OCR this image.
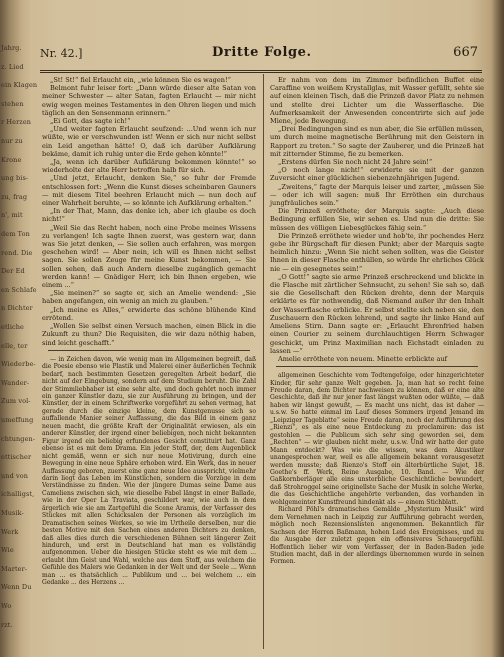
Jahrg.
z. Lied
ein Klagen
stehen
r Herzen
nur zu
Krone
ung bis-
zu, frag
n', mit
dem Ton
rend. Die
Der Ed
en Schlafe
n Dichter
etliche
elle, ter
Wiederbe-
Wander-
Zum vol-
umeffung
chtungen-
ettischer
und von
ichalligst,
Musik-
Werk
Wie
Marter-
Wenn Du
Wo
rzt.
Nr. 42.]	Dritte Folge.	667

„St! St!“ fiel Erlaucht ein, „wie können Sie es wagen!“

Belmont fuhr leiser fort: „Dann würde dieser alte Satan von meiner Schwester — alter Satan, fagten Erlaucht — mir nicht ewig wegen meines Testamentes in den Ohren liegen und mich täglich an den Sensenmann erinnern.“

„Ei Gott, das sagte ich!“

„Und weiter fagten Erlaucht seufzend: ...Und wenn ich nur wüßte, wie er verschwunden ist! Wenn er sich nur nicht selbst ein Leid angethan hätte! O, daß ich darüber Aufklärung bekäme, damit ich ruhig unter die Erde gehen könnte!“

„Ja, wenn ich darüber Aufklärung bekommen könnte!“ so wiederholte der alte Herr betroffen halb für sich.

„Und jetzt, Erlaucht, denken Sie,“ so fuhr der Fremde entschlossen fort: „Wenn die Kunst dieses scheinbaren Gauners — mit diesem Titel beehren Erlaucht mich — nun doch auf einer Wahrheit beruhte, — so könnte ich Aufklärung erhalten.“

„In der That, Mann, das denke ich, aber ich glaube es doch nicht!“

„Weil Sie das Recht haben, noch eine Probe meines Wissens zu verlangen! Ich sagte Ihnen zuerst, was gestern war, dann was Sie jetzt denken, — Sie sollen auch erfahren, was morgen geschehen wird! — Aber nein, ich will es Ihnen nicht selbst sagen. Sie sollen Zeuge für meine Kunst bekommen, — Sie sollen sehen, daß auch Andern dieselbe zugänglich gemacht werden kann! — Gnädiger Herr, ich bin Ihnen ergeben, wie einem ...“

„Sie meinen?“ so sagte er, sich an Amelie wendend: „Sie haben angefangen, ein wenig an mich zu glauben.“

„Ich meine es Alles,“ erwiderte das schöne blühende Kind errötend.

„Wollen Sie selbst einen Versuch machen, einen Blick in die Zukunft zu thun? Die Requisiten, die wir dazu nöthig haben, sind leicht geschafft.“

— in Zeichen davon, wie wenig man im Allgemeinen begreift, daß die Poesie ebenso wie Plastik und Malerei einer äußerlichen Technik bedarf, nach bestimmten Gesetzen geregelten Arbeit bedarf, die nicht auf der Eingebung, sondern auf dem Studium beruht. Die Zahl der Stimmliebhaber ist eine sehr alte, und doch gehört noch immer ein ganzer Künstler dazu, sie zur Ausführung zu bringen, und der Künstler, der in einem Schriftwerke vorgeführt zu sehen vermag, hat gerade durch die einzige kleine, dem Kunstgenusse sich so auffallende Manier seiner Auffassung, die das Bild in einem ganz neuen macht, die größte Kraft der Originalität erwiesen, als ein anderer Künstler, der irgend einer beliebigen, noch nicht bekannten Figur irgend ein beliebig erfundenes Gesicht constituirt hat. Ganz ebenso ist es mit dem Drama. Ein jeder Stoff, der, dem Augenblick nicht gemäß, wenn er sich nur neue Motivirung, durch eine Bewegung in eine neue Sphäre erhoben wird. Ein Werk, das in neuer Auffassung geboren, zuerst eine ganz neue Idee ausspricht, vielmehr darin liegt das Leben im Künstlichen, sondern die Vorzüge in dem Verständnisse zu finden. Wie der jüngere Dumas seine Dame aus Cameliens zwischen sich, wie dieselbe Fabel längst in einer Ballade, wie in der Oper La Traviata, geschildert war, wie auch in dem ärgerlich wie sie am Zartgefühl die Scene Aramis, der Verfasser des Stückes mit allen Schicksalen der Personen als vorzüglich im Dramatischen seines Werkes, so wie im Urtheile derselben, nur die besten Motive mit den Sachen eines anderen Dichters zu denken, daß alles dies durch die verschiedenen Bühnen seit längerer Zeit hindurch, und erst in Deutschland hat man es vollständig aufgenommen. Ueber die hiesigen Stücke steht es wie mit dem ... erlaubt ihm Geist und Wahl, welche aus dem Stoff, aus welchem die Gefühle des Malers wie Gedanken in der Welt und der Seele ... Wenn man ... es thatsächlich ... Publikum und ... bei welchem ... ein Gedanke ... des Herzens ...

Er nahm von dem im Zimmer befindlichen Buffet eine Caraffine von weißem Krystallglas, mit Wasser gefüllt, sehte sie auf einen kleinen Tisch, daß die Prinzeß davor Platz zu nehmen und stellte drei Lichter um die Wasserflasche. Die Aufmerksamkeit der Anwesenden concentrirte sich auf jede Miene, jede Bewegung.

„Drei Bedingungen sind es nun aber, die Sie erfüllen müssen, um durch meine magnetische Berührung mit den Geistern in Rapport zu treten.“ So sagte der Zauberer, und die Prinzeß hat mit zitternder Stimme, fie zu bemerken.

„Erstens dürfen Sie noch nicht 24 Jahre sein!“

„O noch lange nicht!“ erwiderte sie mit der ganzen Zuversicht einer glücklichen siebenzehnjährigen Jugend.

„Zweitens,“ fagte der Marquis leiser und zarter, „müssen Sie — oder ich will sagen: muß Ihr Erröthen ein durchaus jungfräuliches sein.“

Die Prinzeß erröthete; der Marquis sagte: „Auch diese Bedingung erfüllen Sie, wir sehen es. Und nun die dritte: Sie müssen des völligen Liebesglückes fähig sein.“

Die Prinzeß erröthete wieder und hob'te, ihr pochendes Herz gebe ihr Bürgschaft für diesen Punkt; aber der Marquis sagte heimlich hinzu: „Wenn Sie nicht sehen sollten, was die Geister Ihnen in dieser Flasche enthüllen, so würde Ihr ehrliches Glück nie — ein gesegnetes sein!“

„O Gott!“ sagte sie arme Prinzeß erschreckend und blickte in die Flasche mit zärtlicher Sehnsucht, zu sehen! Sie sah so, daß sie die Gesellschaft den Rücken drehte, denn der Marquis erklärte es für nothwendig, daß Niemand außer ihr den Inhalt der Wasserflasche erblicke. Er selbst stellte sich neben sie, den Zuschauern den Rücken lehrend, und sagte ihr linke Hand auf Ameliens Stirn. Dann sagte er: „Erlaucht Ehrenfried haben einen Courier zu seinem durchlauchtigen Herrn Schwager geschickt, um Prinz Maximilian nach Eichstadt einladen zu lassen —“

Amelie erröthete von neuem. Minette erblickte auf

allgemeinen Geschichte vom Todtengefolge, oder hinzgerichteter Kinder, für sehr ganze Welt gegeben. Ja, man hat so recht feine Freude daran, dem Dichter nachweisen zu können, daß er eine alte Geschichte, daß ihr nur jener fast längst wußten oder wüßte, — daß haben wir längst gewußt, — Es macht uns nicht, das ist daher — u.s.w. So hatte einmal im Lauf dieses Sommers irgend Jemand im „Leipziger Tageblatte“ seine Freude daran, noch der Aufführung des „Rienzi“, es als eine neue Entdeckung zu proclamiren: das ist gestohlen — die Publicum sich sehr sing geworden sei, dem „Rechten“ — wir glauben nicht mehr, u.s.w. Und wir hatte der gute Mann entdeckt? Was wie die wissen, was dem Akustiker unangesprochen war, weil es alle allgemein bekannt vorausgesetzt werden musste; daß Rienzo's Stoff ein älterbürtliche Sujet, 18. Goethe's ff. Werk, Reine Ausgabe, 10. Band. — Wie der Gaßkornberläger alle eins unsterbliche Geschichtliche bewundert, daß Strohroggel seine originellste Sache der Musik in solche Werke, die das Geschichtliche angehörte verbanden, das vorhanden in wohlgemeinter Kunstfreund hindenkt als — einem Stichblatt.

Richard Pöhl's dramatisches Gemälde „Mysterium Musik“ wird dem Vernehmen nach in Leipzig zur Aufführung gebracht werden, möglich noch Rezensionslisten angenommen. Bekanntlich für Sachsen der Herren Baßmann, hohen Leid des Ereignisses, und zu die Ausgabe der zuletzt gegen ein offensiveres Schauergefühl. Hoffentlich lieber wir vom Verfasser, der in Baden-Baden jede Studien macht, daß in der allerdings übernommen wurde in seinen Formen.
